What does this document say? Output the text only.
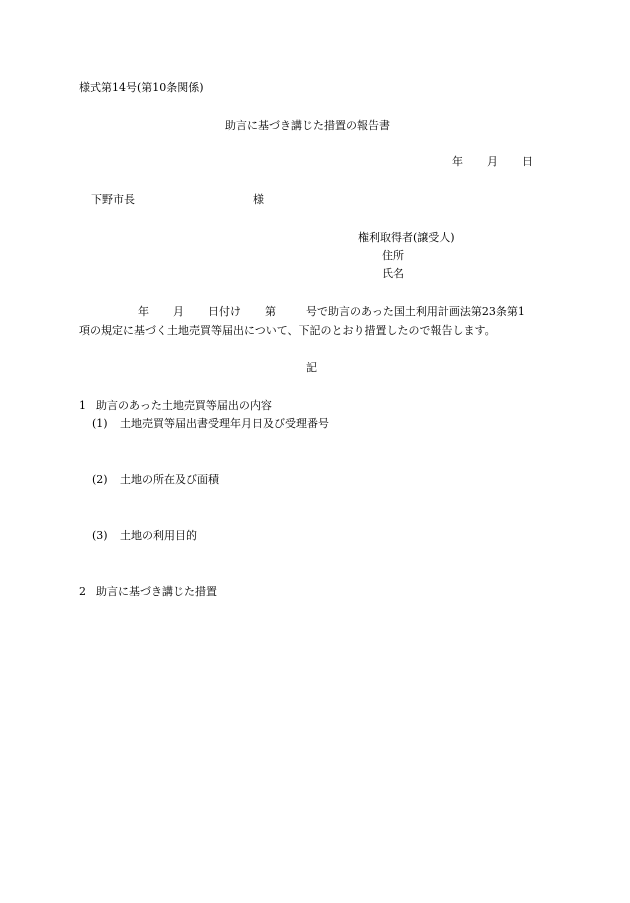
様式第14号(第10条関係)
助言に基づき講じた措置の報告書
年 月 日
下野市長	様
権利取得者(譲受人)
住所
氏名
年 月 日付け 第	号で助言のあった国土利用計画法第23条第1
項の規定に基づく土地売買等届出について、下記のとおり措置したので報告します。
記
1 助言のあった土地売買等届出の内容
(1) 土地売買等届出書受理年月日及び受理番号
(2) 土地の所在及び面積
(3) 土地の利用目的
2 助言に基づき講じた措置
